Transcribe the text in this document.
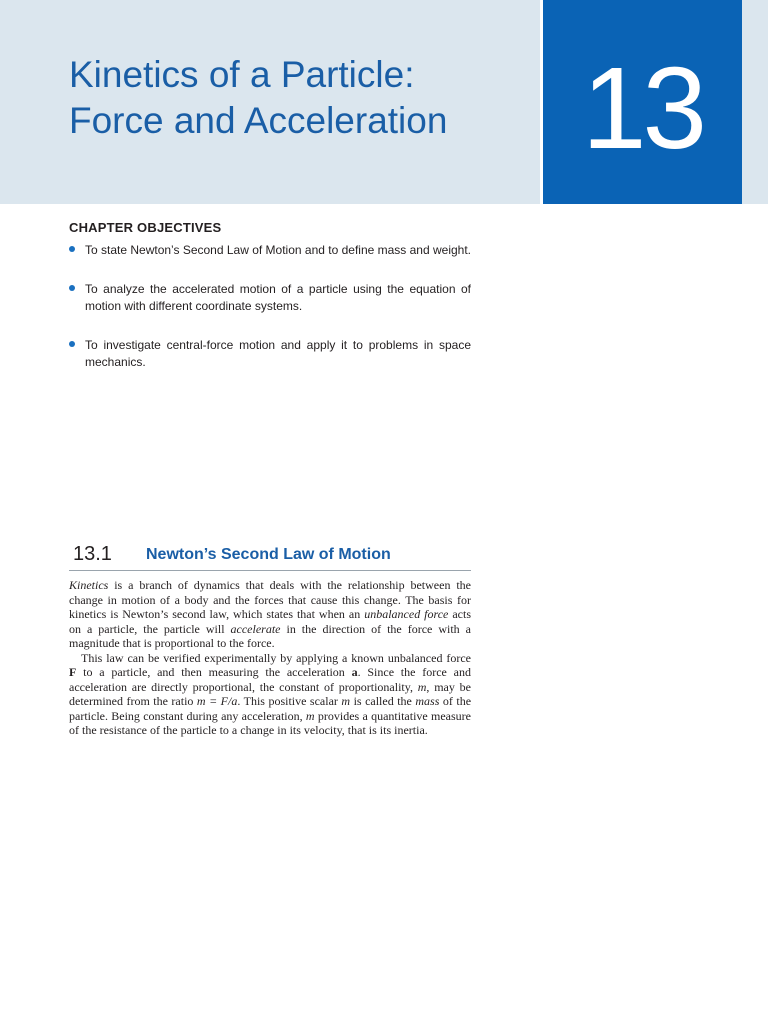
Kinetics of a Particle:
Force and Acceleration	13
CHAPTER OBJECTIVES
To state Newton’s Second Law of Motion and to define mass and weight.
To analyze the accelerated motion of a particle using the equation of motion with different coordinate systems.
To investigate central-force motion and apply it to problems in space mechanics.
13.1 Newton’s Second Law of Motion

Kinetics is a branch of dynamics that deals with the relationship between the change in motion of a body and the forces that cause this change. The basis for kinetics is Newton’s second law, which states that when an unbalanced force acts on a particle, the particle will accelerate in the direction of the force with a magnitude that is proportional to the force.

This law can be verified experimentally by applying a known unbalanced force F to a particle, and then measuring the acceleration a. Since the force and acceleration are directly proportional, the constant of proportionality, m, may be determined from the ratio m = F/a. This positive scalar m is called the mass of the particle. Being constant during any acceleration, m provides a quantitative measure of the resistance of the particle to a change in its velocity, that is its inertia.
